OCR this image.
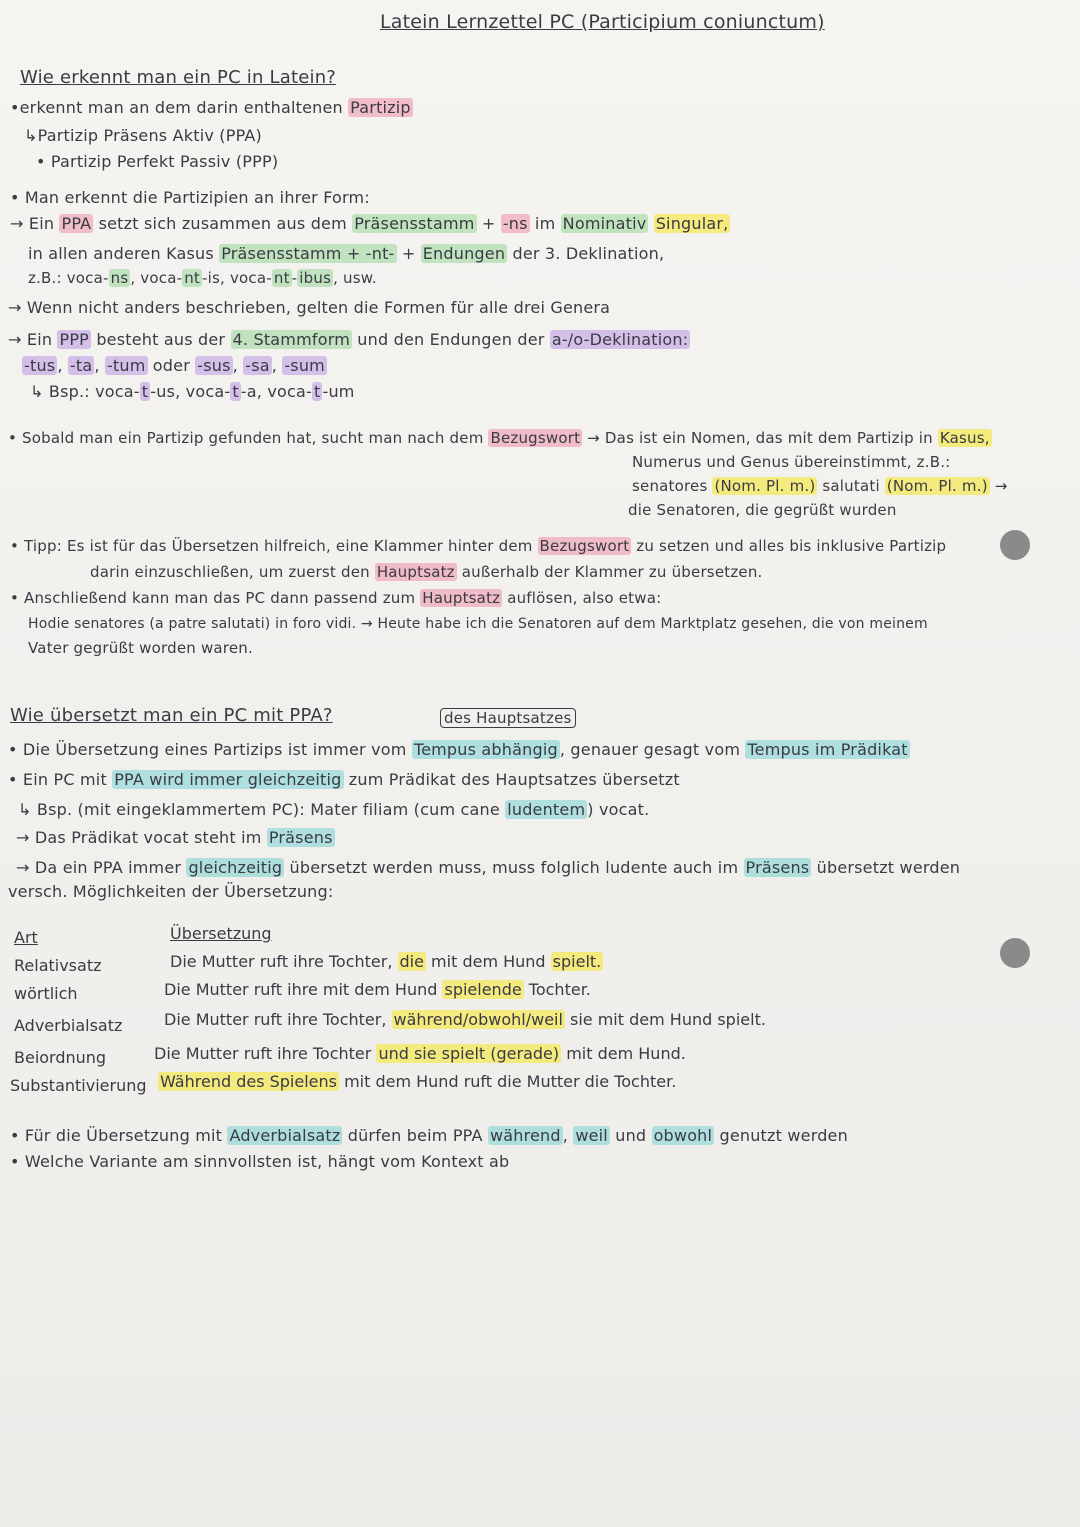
Latein Lernzettel PC (Participium coniunctum)
Wie erkennt man ein PC in Latein?
•erkennt man an dem darin enthaltenen Partizip
↳Partizip Präsens Aktiv (PPA)
• Partizip Perfekt Passiv (PPP)
• Man erkennt die Partizipien an ihrer Form:
→ Ein PPA setzt sich zusammen aus dem Präsensstamm + -ns im Nominativ Singular,
in allen anderen Kasus Präsensstamm + -nt- + Endungen der 3. Deklination,
z.B.: voca- ns , voca- nt -is, voca- nt - ibus , usw.
→ Wenn nicht anders beschrieben, gelten die Formen für alle drei Genera
→ Ein PPP besteht aus der 4. Stammform und den Endungen der a-/o-Deklination:
-tus , -ta , -tum oder -sus , -sa , -sum
↳ Bsp.: voca- t -us, voca- t -a, voca- t -um
• Sobald man ein Partizip gefunden hat, sucht man nach dem Bezugswort → Das ist ein Nomen, das mit dem Partizip in Kasus,
Numerus und Genus übereinstimmt, z.B.:
senatores (Nom. Pl. m.) salutati (Nom. Pl. m.) →
die Senatoren, die gegrüßt wurden
• Tipp: Es ist für das Übersetzen hilfreich, eine Klammer hinter dem Bezugswort zu setzen und alles bis inklusive Partizip
darin einzuschließen, um zuerst den Hauptsatz außerhalb der Klammer zu übersetzen.
• Anschließend kann man das PC dann passend zum Hauptsatz auflösen, also etwa:
Hodie senatores (a patre salutati) in foro vidi. → Heute habe ich die Senatoren auf dem Marktplatz gesehen, die von meinem
Vater gegrüßt worden waren.
Wie übersetzt man ein PC mit PPA?	des Hauptsatzes
• Die Übersetzung eines Partizips ist immer vom Tempus abhängig , genauer gesagt vom Tempus im Prädikat
• Ein PC mit PPA wird immer gleichzeitig zum Prädikat des Hauptsatzes übersetzt
↳ Bsp. (mit eingeklammertem PC): Mater filiam (cum cane ludentem ) vocat.
→ Das Prädikat vocat steht im Präsens
→ Da ein PPA immer gleichzeitig übersetzt werden muss, muss folglich ludente auch im Präsens übersetzt werden
versch. Möglichkeiten der Übersetzung:
Art	Übersetzung
Relativsatz	Die Mutter ruft ihre Tochter, die mit dem Hund spielt.
wörtlich	Die Mutter ruft ihre mit dem Hund spielende Tochter.
Adverbialsatz	Die Mutter ruft ihre Tochter, während/obwohl/weil sie mit dem Hund spielt.
Beiordnung	Die Mutter ruft ihre Tochter und sie spielt (gerade) mit dem Hund.
Substantivierung Während des Spielens mit dem Hund ruft die Mutter die Tochter.
• Für die Übersetzung mit Adverbialsatz dürfen beim PPA während , weil und obwohl genutzt werden
• Welche Variante am sinnvollsten ist, hängt vom Kontext ab
